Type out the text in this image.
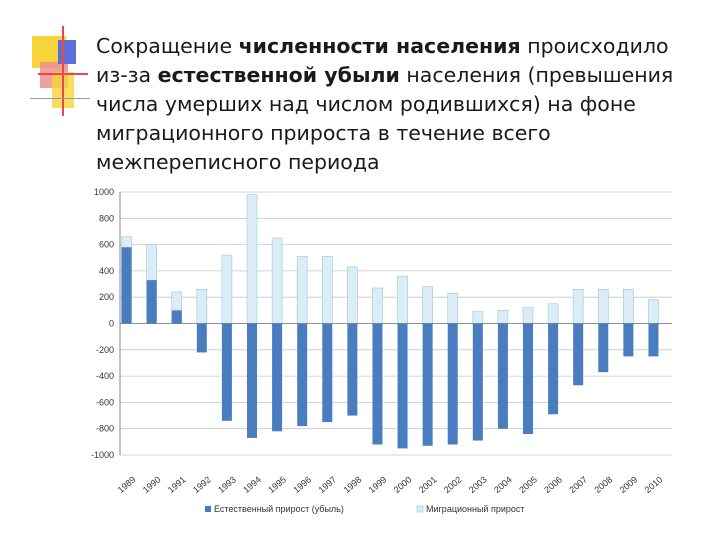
Сокращение численности населения происходило из-за естественной убыли населения (превышения числа умерших над числом родившихся) на фоне миграционного прироста в течение всего межпереписного периода
1000
800
600
400
200
0
-200
-400
-600
-800
-1000
1989 1990 1991 1992 1993 1994 1995 1996 1997 1998 1999 2000 2001 2002 2003 2004 2005 2006 2007 2008 2009 2010
Естественный прирост (убыль)	Миграционный прирост
